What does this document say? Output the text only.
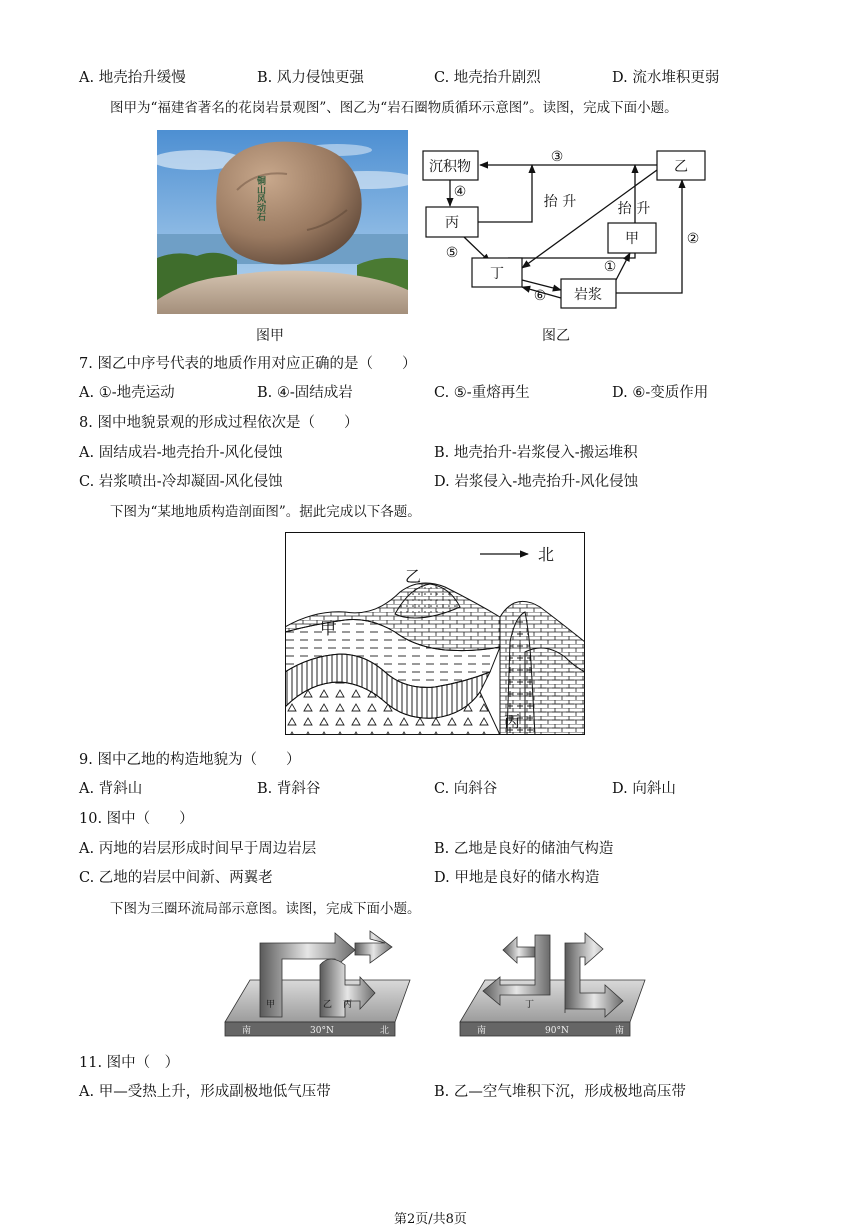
A. 地壳抬升缓慢	B. 风力侵蚀更强	C. 地壳抬升剧烈	D. 流水堆积更弱
图甲为“福建省著名的花岗岩景观图”、图乙为“岩石圈物质循环示意图”。读图，完成下面小题。
铜山风动石
图甲
沉积物	乙
丙
甲
丁
岩浆
③
④
⑤
⑥
①
②
抬 升	抬 升
图乙
7. 图乙中序号代表的地质作用对应正确的是（　　）
A. ①-地壳运动	B. ④-固结成岩	C. ⑤-重熔再生	D. ⑥-变质作用
8. 图中地貌景观的形成过程依次是（　　）
A. 固结成岩-地壳抬升-风化侵蚀	B. 地壳抬升-岩浆侵入-搬运堆积
C. 岩浆喷出-冷却凝固-风化侵蚀	D. 岩浆侵入-地壳抬升-风化侵蚀
下图为“某地地质构造剖面图”。据此完成以下各题。
北
甲
乙
丙
9. 图中乙地的构造地貌为（　　）
A. 背斜山	B. 背斜谷	C. 向斜谷	D. 向斜山
10. 图中（　　）
A. 丙地的岩层形成时间早于周边岩层	B. 乙地是良好的储油气构造
C. 乙地的岩层中间新、两翼老	D. 甲地是良好的储水构造
下图为三圈环流局部示意图。读图，完成下面小题。
甲	乙 丙
南	30°N	北
丁
南	90°N	南
11. 图中（　）
A. 甲—受热上升，形成副极地低气压带	B. 乙—空气堆积下沉，形成极地高压带
第2页/共8页
